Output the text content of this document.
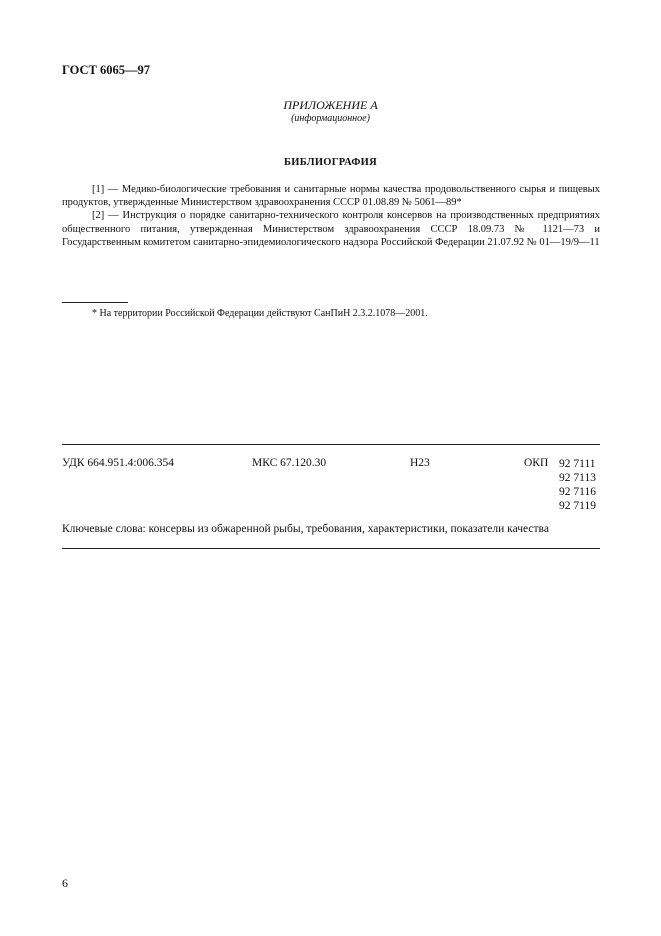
ГОСТ 6065—97
ПРИЛОЖЕНИЕ А
(информационное)
БИБЛИОГРАФИЯ

[1] — Медико-биологические требования и санитарные нормы качества продовольственного сырья и пищевых продуктов, утвержденные Министерством здравоохранения СССР 01.08.89 № 5061—89*

[2] — Инструкция о порядке санитарно-технического контроля консервов на производственных предприятиях общественного питания, утвержденная Министерством здравоохранения СССР 18.09.73 № 1121—73 и Государственным комитетом санитарно-эпидемиологического надзора Российской Федерации 21.07.92 № 01—19/9—11

* На территории Российской Федерации действуют СанПиН 2.3.2.1078—2001.
УДК 664.951.4:006.354	МКС 67.120.30	Н23	ОКП 92 7111
92 7113
92 7116
92 7119
Ключевые слова: консервы из обжаренной рыбы, требования, характеристики, показатели качества
6
